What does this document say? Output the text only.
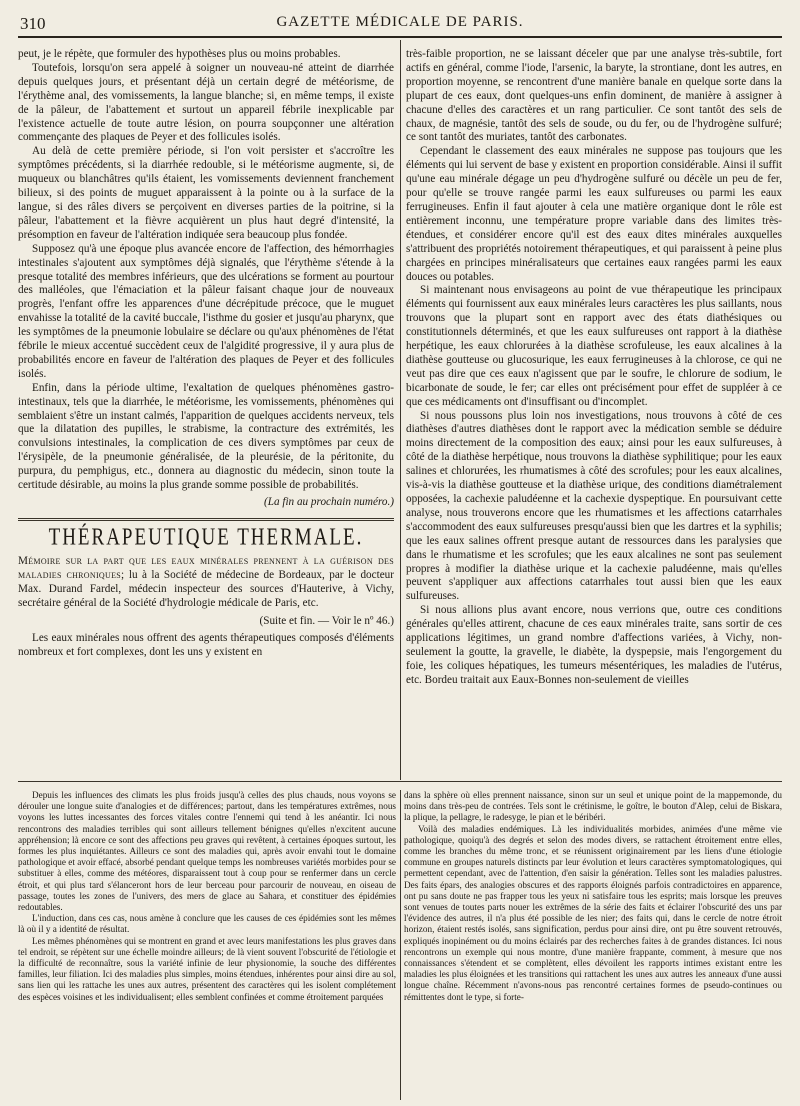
310	GAZETTE MÉDICALE DE PARIS.

peut, je le répète, que formuler des hypothèses plus ou moins probables.

Toutefois, lorsqu'on sera appelé à soigner un nouveau-né atteint de diarrhée depuis quelques jours, et présentant déjà un certain degré de météorisme, de l'érythème anal, des vomissements, la langue blanche; si, en même temps, il existe de la pâleur, de l'abattement et surtout un appareil fébrile inexplicable par l'existence actuelle de toute autre lésion, on pourra soupçonner une altération commençante des plaques de Peyer et des follicules isolés.

Au delà de cette première période, si l'on voit persister et s'accroître les symptômes précédents, si la diarrhée redouble, si le météorisme augmente, si, de muqueux ou blanchâtres qu'ils étaient, les vomissements deviennent franchement bilieux, si des points de muguet apparaissent à la pointe ou à la surface de la langue, si des râles divers se perçoivent en diverses parties de la poitrine, si la pâleur, l'abattement et la fièvre acquièrent un plus haut degré d'intensité, la présomption en faveur de l'altération indiquée sera beaucoup plus fondée.

Supposez qu'à une époque plus avancée encore de l'affection, des hémorrhagies intestinales s'ajoutent aux symptômes déjà signalés, que l'érythème s'étende à la presque totalité des membres inférieurs, que des ulcérations se forment au pourtour des malléoles, que l'émaciation et la pâleur faisant chaque jour de nouveaux progrès, l'enfant offre les apparences d'une décrépitude précoce, que le muguet envahisse la totalité de la cavité buccale, l'isthme du gosier et jusqu'au pharynx, que les symptômes de la pneumonie lobulaire se déclare ou qu'aux phénomènes de l'état fébrile le mieux accentué succèdent ceux de l'algidité progressive, il y aura plus de probabilités encore en faveur de l'altération des plaques de Peyer et des follicules isolés.

Enfin, dans la période ultime, l'exaltation de quelques phénomènes gastro-intestinaux, tels que la diarrhée, le météorisme, les vomissements, phénomènes qui semblaient s'être un instant calmés, l'apparition de quelques accidents nerveux, tels que la dilatation des pupilles, le strabisme, la contracture des extrémités, les convulsions intestinales, la complication de ces divers symptômes par ceux de l'érysipèle, de la pneumonie généralisée, de la pleurésie, de la péritonite, du purpura, du pemphigus, etc., donnera au diagnostic du médecin, sinon toute la certitude désirable, au moins la plus grande somme possible de probabilités.

(La fin au prochain numéro.)

THÉRAPEUTIQUE THERMALE.
Mémoire sur la part que les eaux minérales prennent à la guérison des maladies chroniques; lu à la Société de médecine de Bordeaux, par le docteur Max. Durand Fardel, médecin inspecteur des sources d'Hauterive, à Vichy, secrétaire général de la Société d'hydrologie médicale de Paris, etc.

(Suite et fin. — Voir le nº 46.)

Les eaux minérales nous offrent des agents thérapeutiques composés d'éléments nombreux et fort complexes, dont les uns y existent en

très-faible proportion, ne se laissant déceler que par une analyse très-subtile, fort actifs en général, comme l'iode, l'arsenic, la baryte, la strontiane, dont les autres, en proportion moyenne, se rencontrent d'une manière banale en quelque sorte dans la plupart de ces eaux, dont quelques-uns enfin dominent, de manière à assigner à chacune d'elles des caractères et un rang particulier. Ce sont tantôt des sels de chaux, de magnésie, tantôt des sels de soude, ou du fer, ou de l'hydrogène sulfuré; ce sont tantôt des muriates, tantôt des carbonates.

Cependant le classement des eaux minérales ne suppose pas toujours que les éléments qui lui servent de base y existent en proportion considérable. Ainsi il suffit qu'une eau minérale dégage un peu d'hydrogène sulfuré ou décèle un peu de fer, pour qu'elle se trouve rangée parmi les eaux sulfureuses ou parmi les eaux ferrugineuses. Enfin il faut ajouter à cela une matière organique dont le rôle est entièrement inconnu, une température propre variable dans des limites très-étendues, et considérer encore qu'il est des eaux dites minérales auxquelles s'attribuent des propriétés notoirement thérapeutiques, et qui paraissent à peine plus chargées en principes minéralisateurs que certaines eaux rangées parmi les eaux douces ou potables.

Si maintenant nous envisageons au point de vue thérapeutique les principaux éléments qui fournissent aux eaux minérales leurs caractères les plus saillants, nous trouvons que la plupart sont en rapport avec des états diathésiques ou constitutionnels déterminés, et que les eaux sulfureuses ont rapport à la diathèse herpétique, les eaux chlorurées à la diathèse scrofuleuse, les eaux alcalines à la diathèse goutteuse ou glucosurique, les eaux ferrugineuses à la chlorose, ce qui ne veut pas dire que ces eaux n'agissent que par le soufre, le chlorure de sodium, le bicarbonate de soude, le fer; car elles ont précisément pour effet de suppléer à ce que ces médicaments ont d'insuffisant ou d'incomplet.

Si nous poussons plus loin nos investigations, nous trouvons à côté de ces diathèses d'autres diathèses dont le rapport avec la médication semble se déduire moins directement de la composition des eaux; ainsi pour les eaux sulfureuses, à côté de la diathèse herpétique, nous trouvons la diathèse syphilitique; pour les eaux salines et chlorurées, les rhumatismes à côté des scrofules; pour les eaux alcalines, vis-à-vis la diathèse goutteuse et la diathèse urique, des conditions diamétralement opposées, la cachexie paludéenne et la cachexie dyspeptique. En poursuivant cette analyse, nous trouverons encore que les rhumatismes et les affections catarrhales s'accommodent des eaux sulfureuses presqu'aussi bien que les dartres et la syphilis; que les eaux salines offrent presque autant de ressources dans les paralysies que dans le rhumatisme et les scrofules; que les eaux alcalines ne sont pas seulement propres à modifier la diathèse urique et la cachexie paludéenne, mais qu'elles peuvent s'appliquer aux affections catarrhales tout aussi bien que les eaux sulfureuses.

Si nous allions plus avant encore, nous verrions que, outre ces conditions générales qu'elles attirent, chacune de ces eaux minérales traite, sans sortir de ces applications légitimes, un grand nombre d'affections variées, à Vichy, non-seulement la goutte, la gravelle, le diabète, la dyspepsie, mais l'engorgement du foie, les coliques hépatiques, les tumeurs mésentériques, les maladies de l'utérus, etc. Bordeu traitait aux Eaux-Bonnes non-seulement de vieilles

Depuis les influences des climats les plus froids jusqu'à celles des plus chauds, nous voyons se dérouler une longue suite d'analogies et de différences; partout, dans les températures extrêmes, nous voyons les luttes incessantes des forces vitales contre l'ennemi qui tend à les anéantir. Ici nous rencontrons des maladies terribles qui sont ailleurs tellement bénignes qu'elles n'excitent aucune appréhension; là encore ce sont des affections peu graves qui revêtent, à certaines époques surtout, les formes les plus inquiétantes. Ailleurs ce sont des maladies qui, après avoir envahi tout le domaine pathologique et avoir effacé, absorbé pendant quelque temps les nombreuses variétés morbides pour se substituer à elles, comme des météores, disparaissent tout à coup pour se renfermer dans un cercle étroit, et qui plus tard s'élanceront hors de leur berceau pour parcourir de nouveau, en oiseau de passage, toutes les zones de l'univers, des mers de glace au Sahara, et constituer des épidémies redoutables.

L'induction, dans ces cas, nous amène à conclure que les causes de ces épidémies sont les mêmes là où il y a identité de résultat.

Les mêmes phénomènes qui se montrent en grand et avec leurs manifestations les plus graves dans tel endroit, se répètent sur une échelle moindre ailleurs; de là vient souvent l'obscurité de l'étiologie et la difficulté de reconnaître, sous la variété infinie de leur physionomie, la souche des différentes familles, leur filiation. Ici des maladies plus simples, moins étendues, inhérentes pour ainsi dire au sol, sans lien qui les rattache les unes aux autres, présentent des caractères qui les isolent complétement des espèces voisines et les individualisent; elles semblent confinées et comme étroitement parquées

dans la sphère où elles prennent naissance, sinon sur un seul et unique point de la mappemonde, du moins dans très-peu de contrées. Tels sont le crétinisme, le goître, le bouton d'Alep, celui de Biskara, la plique, la pellagre, le radesyge, le pian et le béribéri.

Voilà des maladies endémiques. Là les individualités morbides, animées d'une même vie pathologique, quoiqu'à des degrés et selon des modes divers, se rattachent étroitement entre elles, comme les branches du même tronc, et se réunissent originairement par les liens d'une étiologie commune en groupes naturels distincts par leur évolution et leurs caractères symptomatologiques, qui permettent cependant, avec de l'attention, d'en saisir la génération. Telles sont les maladies palustres. Des faits épars, des analogies obscures et des rapports éloignés parfois contradictoires en apparence, ont pu sans doute ne pas frapper tous les yeux ni satisfaire tous les esprits; mais lorsque les preuves sont venues de toutes parts nouer les extrêmes de la série des faits et éclairer l'obscurité des uns par l'évidence des autres, il n'a plus été possible de les nier; des faits qui, dans le cercle de notre étroit horizon, étaient restés isolés, sans signification, perdus pour ainsi dire, ont pu être souvent retrouvés, expliqués inopinément ou du moins éclairés par des recherches faites à de grandes distances. Ici nous rencontrons un exemple qui nous montre, d'une manière frappante, comment, à mesure que nos connaissances s'étendent et se complètent, elles dévoilent les rapports intimes existant entre les maladies les plus éloignées et les transitions qui rattachent les unes aux autres les anneaux d'une aussi longue chaîne. Récemment n'avons-nous pas rencontré certaines formes de pseudo-continues ou rémittentes dont le type, si forte-
